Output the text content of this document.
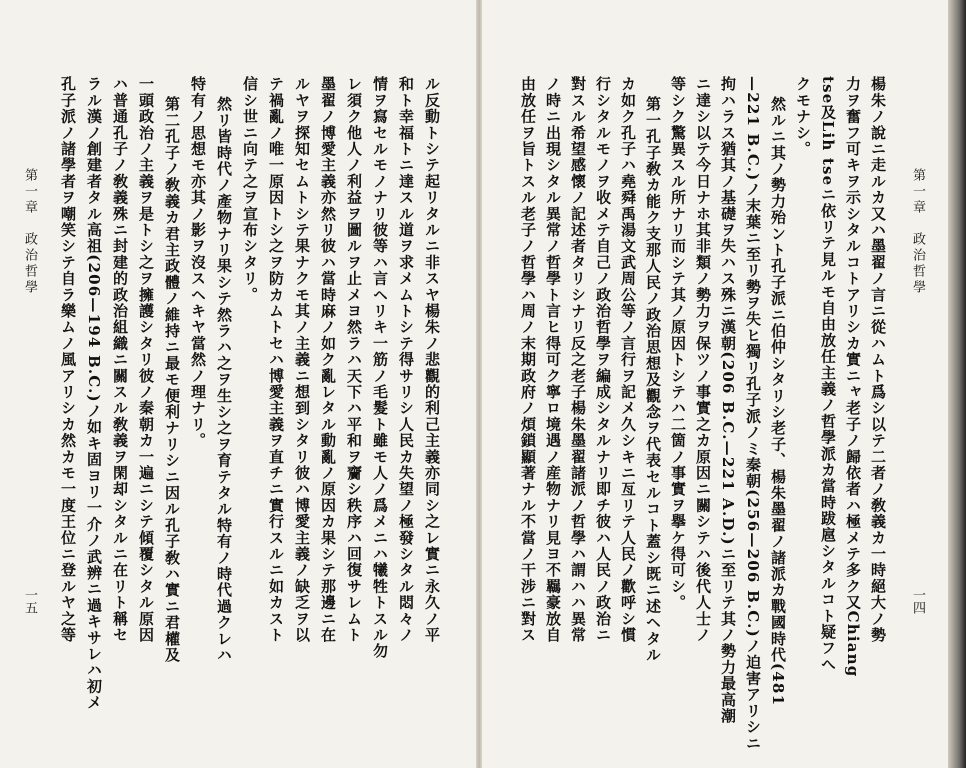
第一章　政治哲學
一五	ル反動トシテ起リタルニ非スヤ楊朱ノ悲觀的利己主義亦同シ之レ實ニ永久ノ平
和ト幸福トニ達スル道ヲ求メムトシテ得サリシ人民カ失望ノ極發シタル悶々ノ
情ヲ寫セルモノナリ彼等ハ言ヘリキ一筋ノ毛髮ト雖モ人ノ爲メニハ犧牲トスル勿
レ須ク他人ノ利益ヲ圖ルヲ止メヨ然ラハ天下ハ平和ヲ齎シ秩序ハ回復サレムト
墨翟ノ博愛主義亦然リ彼ハ當時麻ノ如ク亂レタル動亂ノ原因カ果シテ那邊ニ在
ルヤヲ探知セムトシテ果ナクモ其ノ主義ニ想到シタリ彼ハ博愛主義ノ缺乏ヲ以
テ禍亂ノ唯一原因トシ之ヲ防カムトセハ博愛主義ヲ直チニ實行スルニ如カスト
信シ世ニ向テ之ヲ宣布シタリ。
然リ皆時代ノ產物ナリ果シテ然ラハ之ヲ生シ之ヲ育テタル特有ノ時代過クレハ
特有ノ思想モ亦其ノ影ヲ沒スヘキヤ當然ノ理ナリ。
第二孔子ノ敎義カ君主政體ノ維持ニ最モ便利ナリシニ因ル孔子敎ハ實ニ君權及
一頭政治ノ主義ヲ是トシ之ヲ擁護シタリ彼ノ秦朝カ一遍ニシテ傾覆シタル原因
ハ普通孔子ノ敎義殊ニ封建的政治組織ニ關スル敎義ヲ閑却シタルニ在リト稱セ
ラル漢ノ創建者タル高祖(206—194 B.C.)ノ如キ固ヨリ一介ノ武辨ニ過キサレハ初メ
孔子派ノ諸學者ヲ嘲笑シテ自ラ樂ムノ風アリシカ然カモ一度王位ニ登ルヤ之等	第一章　政治哲學
一四
楊朱ノ說ニ走ルカ又ハ墨翟ノ言ニ從ハムト爲シ以テ二者ノ敎義カ一時絕大ノ勢
力ヲ奮フ可キヲ示シタルコトアリシカ實ニャ老子ノ歸依者ハ極メテ多ク又Chiang
tse及Lih tseニ依リテ見ルモ自由放任主義ノ哲學派カ當時跋扈シタルコト疑フへ
クモナシ。
然ルニ其ノ勢力殆ント孔子派ニ伯仲シタリシ老子、楊朱墨翟ノ諸派カ戰國時代(481
—221 B.C.)ノ末葉ニ至リ勢ヲ失ヒ獨リ孔子派ノミ秦朝(256—206 B.C.)ノ迫害アリシニ
拘ハラス猶其ノ基礎ヲ失ハス殊ニ漢朝(206 B.C.—221 A.D.)ニ至リテ其ノ勢力最高潮
ニ達シ以テ今日ナホ其非類ノ勢力ヲ保ツノ事實之カ原因ニ關シテハ後代人士ノ
等シク驚異スル所ナリ而シテ其ノ原因トシテハ二箇ノ事實ヲ擧ケ得可シ。
第一孔子敎カ能ク支那人民ノ政治思想及觀念ヲ代表セルコト蓋シ既ニ述ヘタル
カ如ク孔子ハ堯舜禹湯文武周公等ノ言行ヲ記メ久シキニ亙リテ人民ノ歡呼シ慣
行シタルモノヲ收メテ自己ノ政治哲學ヲ編成シタルナリ即チ彼ハ人民ノ政治ニ
對スル希望感懷ノ記述者タリシナリ反之老子楊朱墨翟諸派ノ哲學ハ謂ハハ異常
ノ時ニ出現シタル異常ノ哲學ト言ヒ得可ク寧ロ境遇ノ産物ナリ見ヨ不羈豪放自
由放任ヲ旨トスル老子ノ哲學ハ周ノ末期政府ノ煩鎖顯著ナル不當ノ干涉ニ對ス
